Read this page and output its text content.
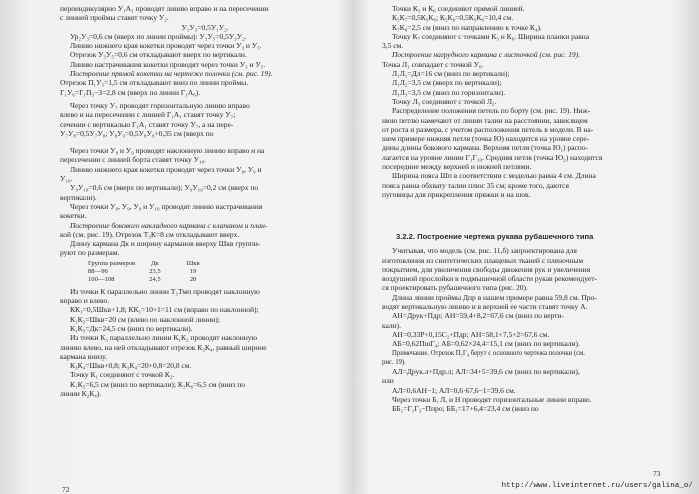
перпендикулярно У₁А₁ проводят линию вправо и на пересечении
с линией проймы ставят точку У₂.
У₁У₃=0,5У₁У₂.
Ур₂У₃=0,6 см (вверх по линии проймы): У₃У₅=0,5У₃У₂.
Линию нижнего края кокетки проводят через точки У₃ и У₅.
Отрезок У₃У₅=0,6 см откладывают вверх по вертикали.
Линию настрачивания кокетки проводят через точки У₃ и У₅.
Построение прямой кокетки на чертеже полочки (см. рис. 19).
Отрезок П₁У₅=1,5 см откладывают вниз по линии проймы.
Г₁У₆=Г₁П₃−3=2,8 см (вверх по линии Г₁А₆).
Через точку У₇ проводят горизонтальную линию вправо
влево и на пересечении с линией Г₁А₁ ставят точку У₇;
сечении с вертикалью Г₁А₁ ставят точку У₇, а на пере-
У₇У₈=0,5У₇У₈; У₈У₉=0,5У₈У₉+0,35 см (вверх по
Через точки У₈ и У₉ проводят наклонную линию вправо и на
пересечении с линией борта ставят точку У₁₀.
Линию нижнего края кокетки проводят через точки У₈, У₉ и
У₁₀.
У₉У₁₀=0,6 см (вверх по вертикали); У₉У₁₀=0,2 см (вверх по
вертикали).
Через точки У₈, У₉, У₉ и У₁₀ проводят линию настрачивания
кокетки.
Построение бокового накладного кармана с клапаном и план-
кой (см. рис. 19). Отрезок Т₃К=8 см откладывают вверх.
Длину кармана Дк и ширину карманов вверху Шкв группи-
руют по размерам.
Группа размеров	Дк	Шкв
88—96	23,5	19
100—108	24,5	20
Из точки К параллельно линии Т₃Тмп проводят наклонную
вправо и влево.
КК₁=0,5Шкв+1,8; КК₁=10+1=11 см (вправо по наклонной);
К₁К₂=Шкв=20 см (влево по наклонной линии);
К₁К₃=Дк=24,5 см (вниз по вертикали).
Из точки К₃ параллельно линии К₁К₂ проводят наклонную
линию влево, на ней откладывают отрезок К₃К₄, равный ширине
кармана внизу.
К₃К₄=Шкв+0,8; К₃К₄=20+0,8=20,8 см.
Точку К₁ соединяют с точкой К₂.
К₁К₅=6,5 см (вниз по вертикали); К₂К₆=6,5 см (вниз по
линии К₂К₄).
72
Точки К₅ и К₆ соединяют прямой линией.
К₅К₇=0,5К₅К₆; К₅К₈=0,5К₅К₆=10,4 см.
К₇К₈=2,5 см (вниз по направлению к точке К₄).
Точку К₇ соединяют с точками К₅ и К₆. Ширина планки равна
3,5 см.
Построение нагрудного кармана с листочкой (см. рис. 19).
Точка Л₁ совпадает с точкой У₆.
Л₁Л₁=Дл=16 см (вниз по вертикали);
Л₁Л₂=3,5 см (вверх по вертикали);
Л₁Л₃=3,5 см (вниз по горизонтали).
Точку Л₃ соединяют с точкой Л₂.
Распределение положения петель по борту (см. рис. 19). Ниж-
нюю петлю намечают от линии талии на расстоянии, зависящем
от роста и размера, с учетом расположения петель в модели. В на-
шем примере нижняя петля (точка Ю) находится на уровне сере-
дины длины бокового кармана. Верхняя петля (точка Ю₁) распо-
лагается на уровне линии Г₁Г₁₀. Средняя петля (точка Ю₂) находится
посередине между верхней и нижней петлями.
Ширина пояса Шп в соответствии с моделью равна 4 см. Длина
пояса равна обхвату талии плюс 35 см; кроме того, даются
пуговицы для прикрепления пряжки и на шов.
3.2.2. Построение чертежа рукава рубашечного типа
Учитывая, что модель (см. рис. 11,б) запроектирована для
изготовления из синтетических плащевых тканей с пленочным
покрытием, для увеличения свободы движения рук и увеличения
воздушной прослойки в подмышечной области рукав рекомендует-
ся проектировать рубашечного типа (рис. 20).
Длина линии проймы Дпр в нашем примере равна 59,8 см. Про-
водят вертикальную линию и в верхней ее части ставят точку А.
АН=Друк+Пдр; АН=59,4+8,2=67,6 см (вниз по верти-
кали).
АН=0,33Р+0,15С₂+Пдр; АН=58,1+7,5+2=67,6 см.
АБ=0,62ПшГ₄; АБ=0,62×24,4=15,1 см (вниз по вертикали).
Примечание. Отрезок П₁Г₄ берут с основного чертежа полочки (см.
рис. 19).
АЛ=Друк.л+Пдр.л; АЛ=34+5=39,6 см (вниз по вертикали),
или
АЛ=0,6АН−1; АЛ=0,6·67,6−1=39,6 см.
Через точки Б, Л, и Н проводят горизонтальные линии вправо.
ББ₁=Г₁Г₃−Ппро; ББ₁=17+6,4=23,4 см (вниз по
73
http://www.liveinternet.ru/users/galina_o/
